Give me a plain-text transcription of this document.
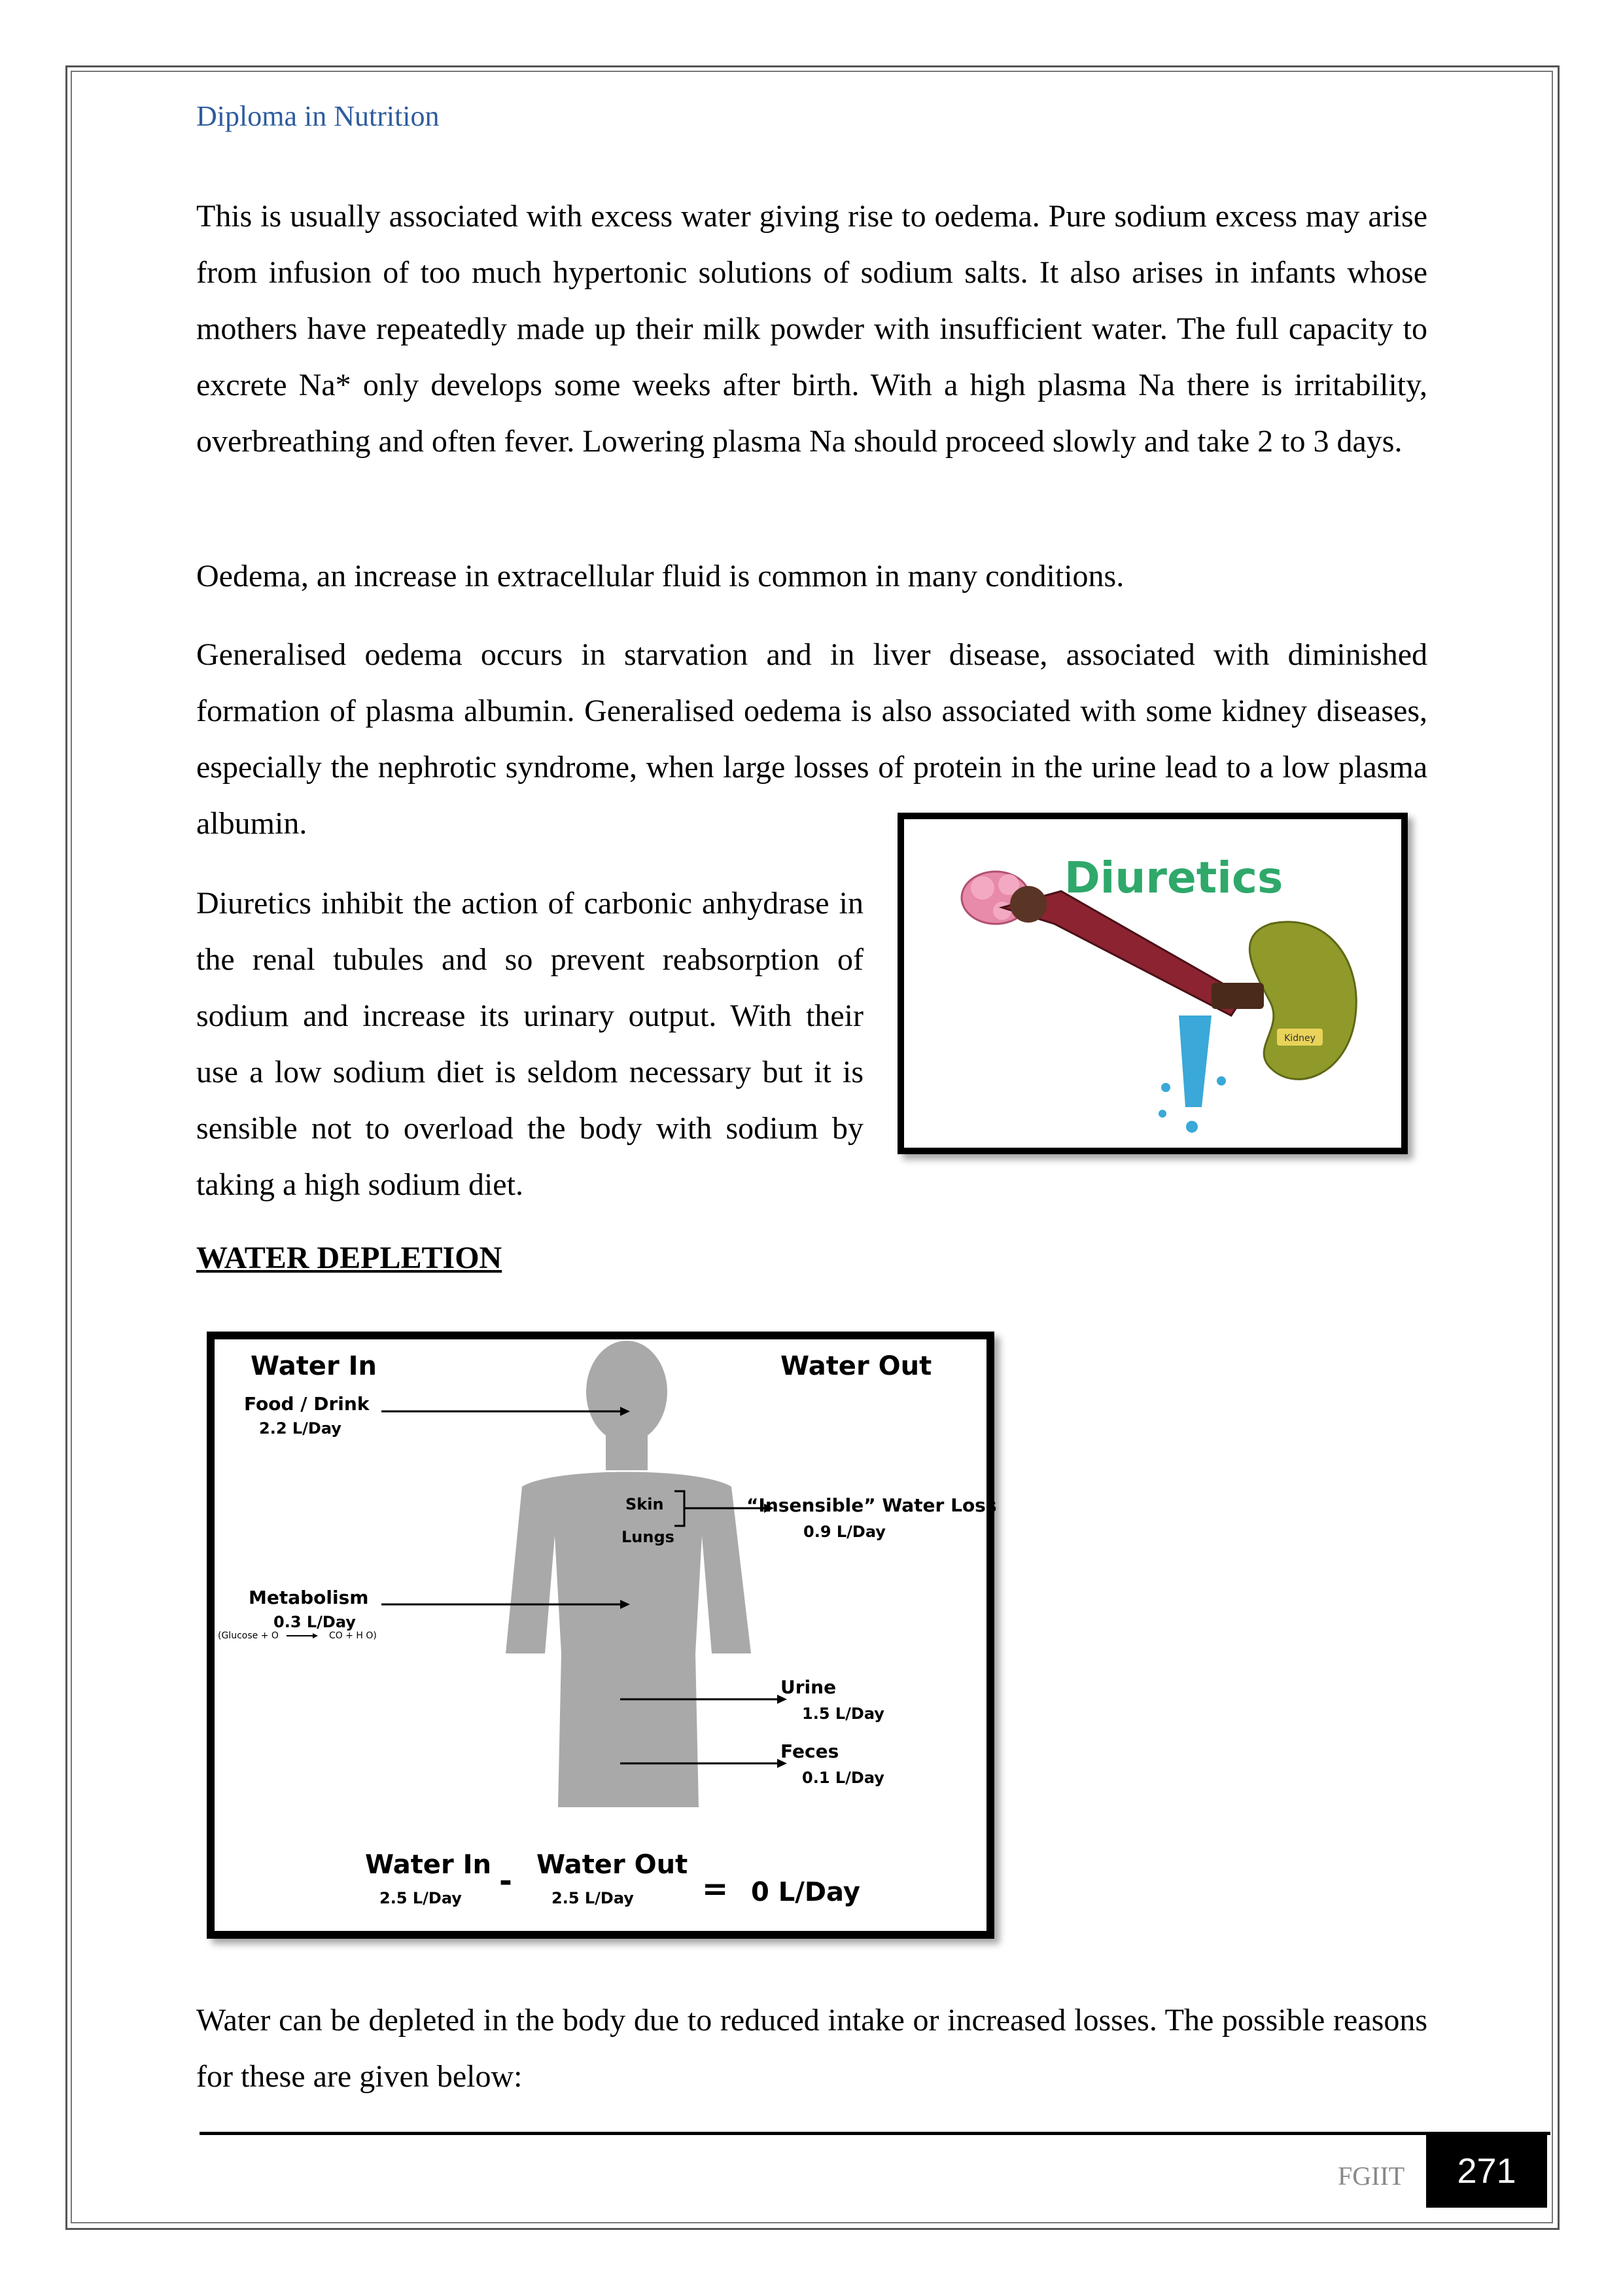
Diploma in Nutrition

This is usually associated with excess water giving rise to oedema. Pure sodium excess may arise from infusion of too much hypertonic solutions of sodium salts. It also arises in infants whose mothers have repeatedly made up their milk powder with insufficient water. The full capacity to excrete Na* only develops some weeks after birth. With a high plasma Na there is irritability, overbreathing and often fever. Lowering plasma Na should proceed slowly and take 2 to 3 days.

Oedema, an increase in extracellular fluid is common in many conditions.

Generalised oedema occurs in starvation and in liver disease, associated with diminished formation of plasma albumin. Generalised oedema is also associated with some kidney diseases, especially the nephrotic syndrome, when large losses of protein in the urine lead to a low plasma albumin.

Diuretics inhibit the action of carbonic anhydrase in the renal tubules and so prevent reabsorption of sodium and increase its urinary output. With their use a low sodium diet is seldom necessary but it is sensible not to overload the body with sodium by taking a high sodium diet.

Kidney
Diuretics
WATER DEPLETION
Water In	Water Out
Food / Drink
2.2 L/Day
Skin
Lungs
“Insensible” Water Loss
0.9 L/Day
Metabolism
0.3 L/Day
(Glucose + O	CO + H O)
Urine
1.5 L/Day
Feces
0.1 L/Day
Water In
2.5 L/Day - Water Out
2.5 L/Day = 0 L/Day

Water can be depleted in the body due to reduced intake or increased losses. The possible reasons for these are given below:

FGIIT	271
